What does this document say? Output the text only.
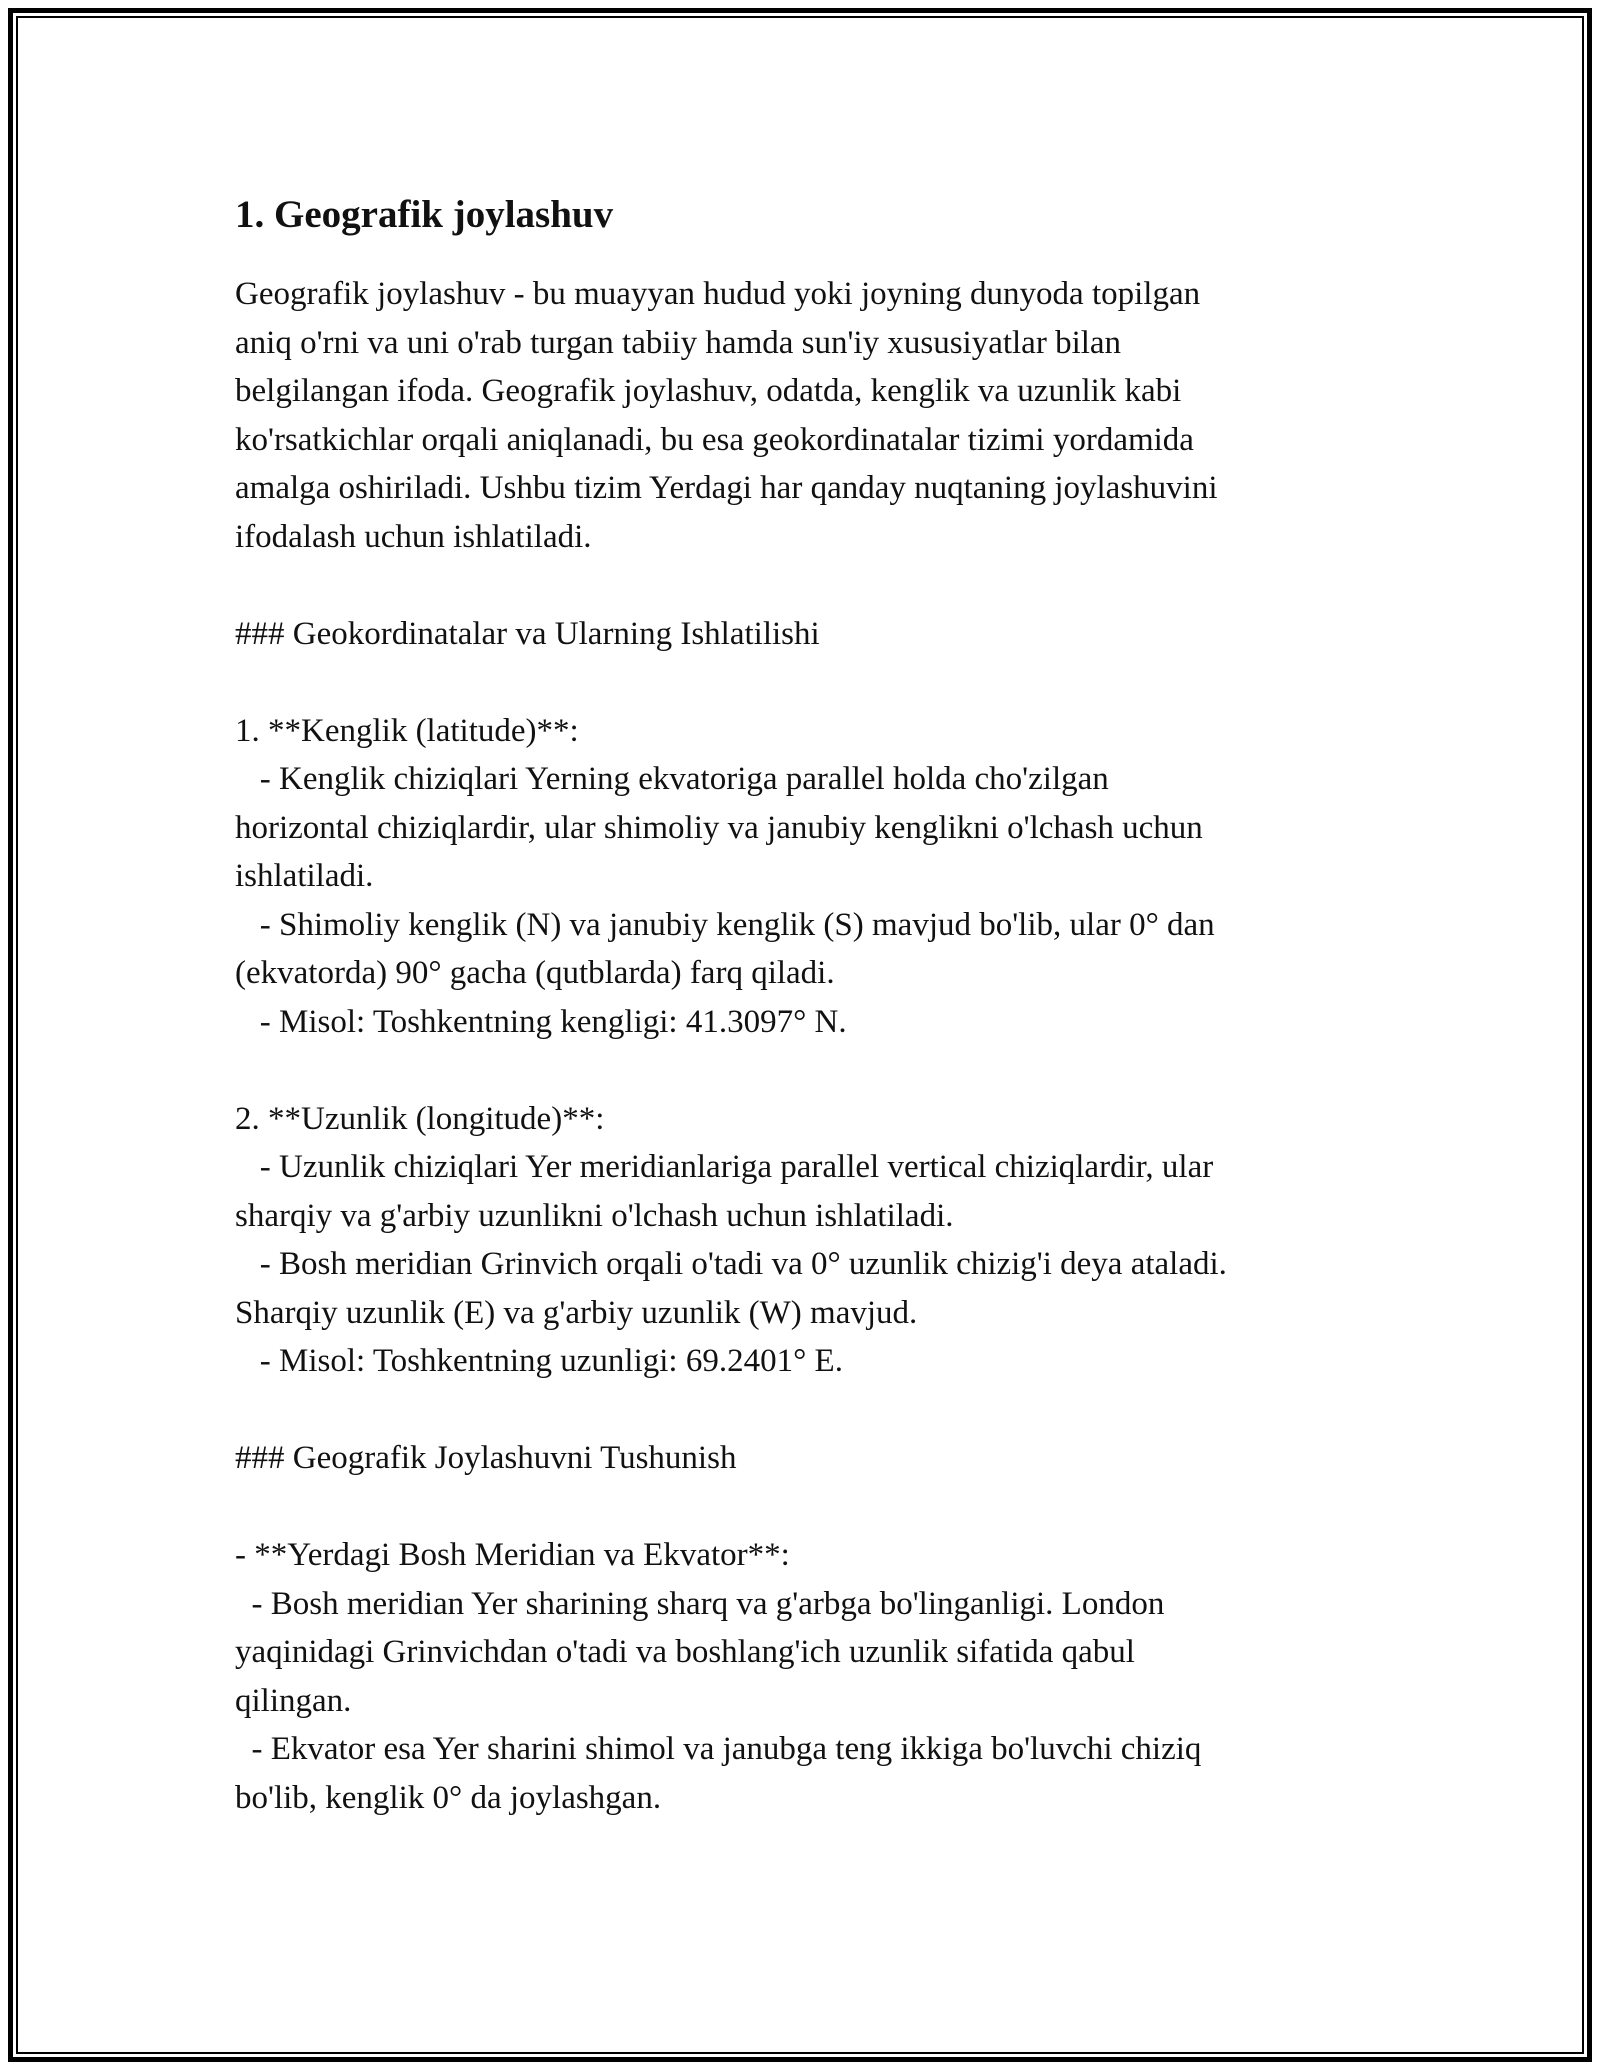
1. Geografik joylashuv

Geografik joylashuv - bu muayyan hudud yoki joyning dunyoda topilgan
aniq o'rni va uni o'rab turgan tabiiy hamda sun'iy xususiyatlar bilan
belgilangan ifoda. Geografik joylashuv, odatda, kenglik va uzunlik kabi
ko'rsatkichlar orqali aniqlanadi, bu esa geokordinatalar tizimi yordamida
amalga oshiriladi. Ushbu tizim Yerdagi har qanday nuqtaning joylashuvini
ifodalash uchun ishlatiladi.

### Geokordinatalar va Ularning Ishlatilishi

1. **Kenglik (latitude)**:
- Kenglik chiziqlari Yerning ekvatoriga parallel holda cho'zilgan
horizontal chiziqlardir, ular shimoliy va janubiy kenglikni o'lchash uchun
ishlatiladi.
- Shimoliy kenglik (N) va janubiy kenglik (S) mavjud bo'lib, ular 0° dan
(ekvatorda) 90° gacha (qutblarda) farq qiladi.
- Misol: Toshkentning kengligi: 41.3097° N.

2. **Uzunlik (longitude)**:
- Uzunlik chiziqlari Yer meridianlariga parallel vertical chiziqlardir, ular
sharqiy va g'arbiy uzunlikni o'lchash uchun ishlatiladi.
- Bosh meridian Grinvich orqali o'tadi va 0° uzunlik chizig'i deya ataladi.
Sharqiy uzunlik (E) va g'arbiy uzunlik (W) mavjud.
- Misol: Toshkentning uzunligi: 69.2401° E.

### Geografik Joylashuvni Tushunish

- **Yerdagi Bosh Meridian va Ekvator**:
- Bosh meridian Yer sharining sharq va g'arbga bo'linganligi. London
yaqinidagi Grinvichdan o'tadi va boshlang'ich uzunlik sifatida qabul
qilingan.
- Ekvator esa Yer sharini shimol va janubga teng ikkiga bo'luvchi chiziq
bo'lib, kenglik 0° da joylashgan.
